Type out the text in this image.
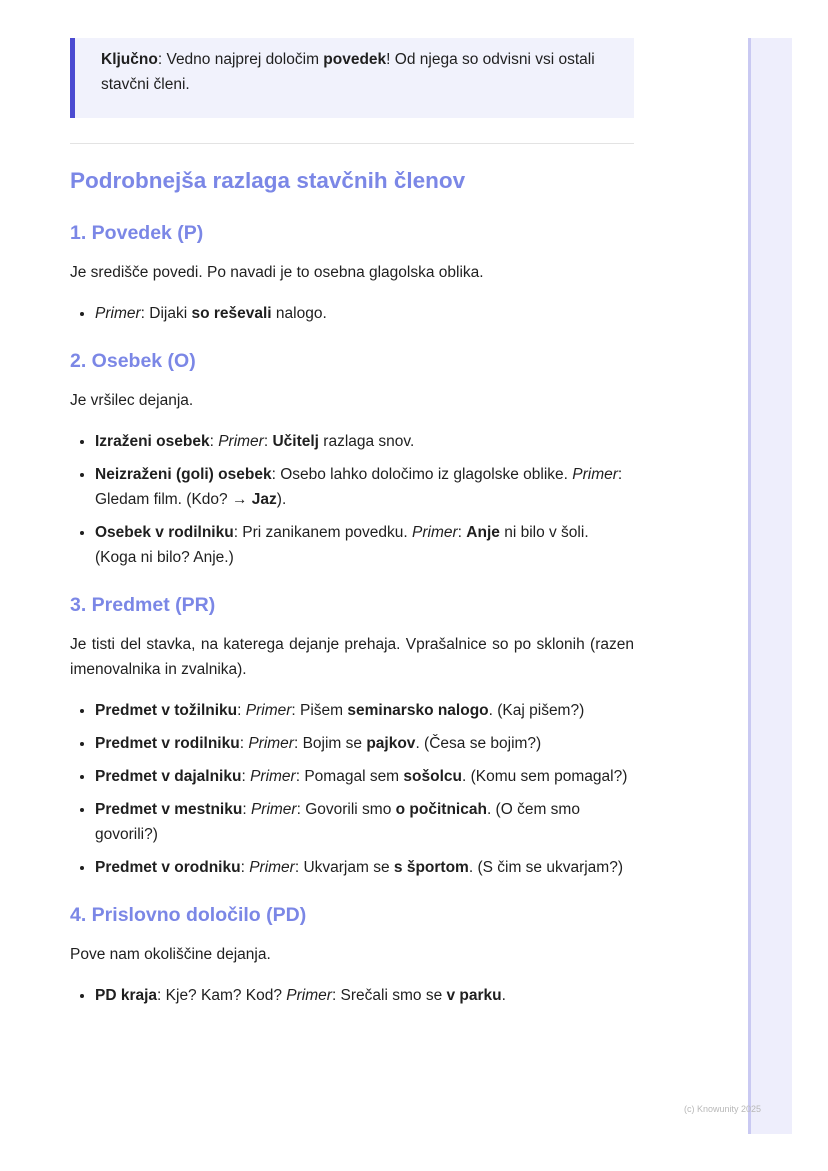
Ključno: Vedno najprej določim povedek! Od njega so odvisni vsi ostali stavčni členi.

Podrobnejša razlaga stavčnih členov
1. Povedek (P)

Je središče povedi. Po navadi je to osebna glagolska oblika.

• Primer: Dijaki so reševali nalogo.
2. Osebek (O)

Je vršilec dejanja.

• Izraženi osebek: Primer: Učitelj razlaga snov.
• Neizraženi (goli) osebek: Osebo lahko določimo iz glagolske oblike. Primer: Gledam film. (Kdo? → Jaz).
• Osebek v rodilniku: Pri zanikanem povedku. Primer: Anje ni bilo v šoli. (Koga ni bilo? Anje.)
3. Predmet (PR)

Je tisti del stavka, na katerega dejanje prehaja. Vprašalnice so po sklonih (razen imenovalnika in zvalnika).

• Predmet v tožilniku: Primer: Pišem seminarsko nalogo. (Kaj pišem?)
• Predmet v rodilniku: Primer: Bojim se pajkov. (Česa se bojim?)
• Predmet v dajalniku: Primer: Pomagal sem sošolcu. (Komu sem pomagal?)
• Predmet v mestniku: Primer: Govorili smo o počitnicah. (O čem smo govorili?)
• Predmet v orodniku: Primer: Ukvarjam se s športom. (S čim se ukvarjam?)
4. Prislovno določilo (PD)

Pove nam okoliščine dejanja.

• PD kraja: Kje? Kam? Kod? Primer: Srečali smo se v parku.
(c) Knowunity 2025
